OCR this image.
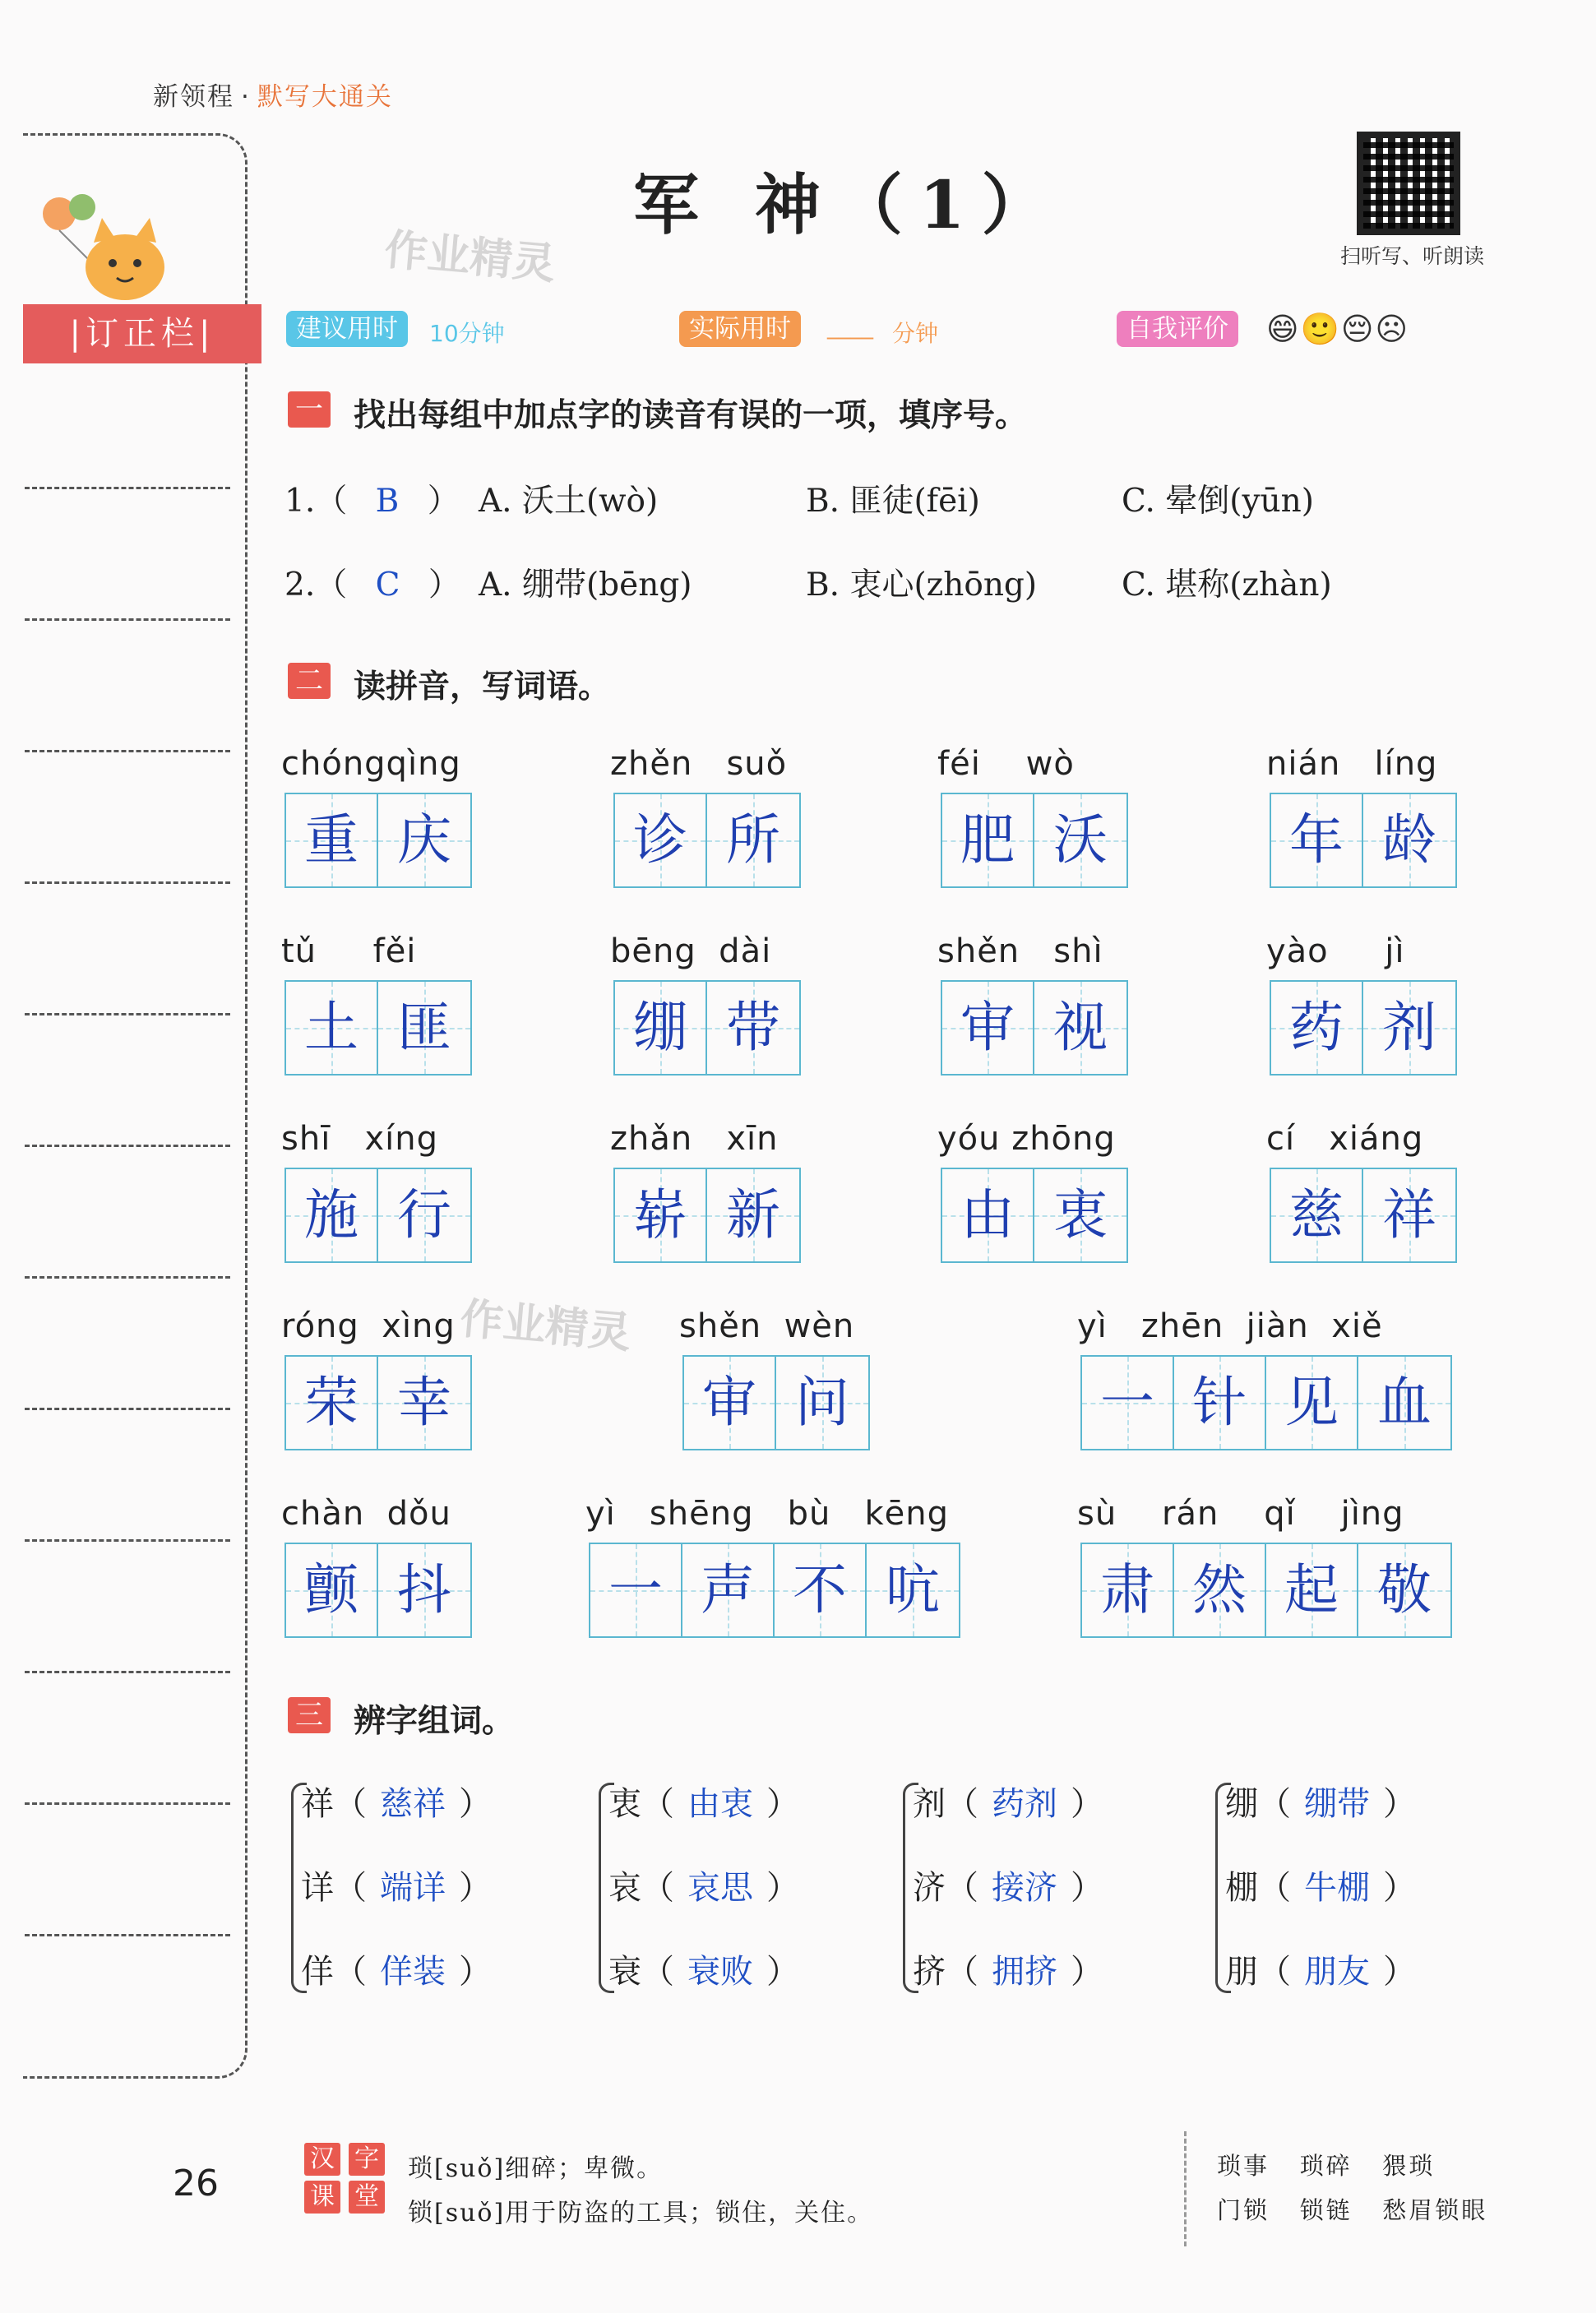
新领程 · 默写大通关
|订正栏|
作业精灵
军 神（1）
扫听写、听朗读
建议用时	10分钟	实际用时	____ 分钟	自我评价	😄🙂😔☹
一 找出每组中加点字的读音有误的一项，填序号。
1.（ B ） A. 沃土(wò)	B. 匪徒(fēi)	C. 晕倒(yūn)
2.（ C ） A. 绷带(bēng)	B. 衷心(zhōng)	C. 堪称(zhàn)
二 读拼音，写词语。
chóngqìng
重 庆
zhěn   suǒ
诊 所
féi    wò
肥 沃
nián   líng
年 龄
tǔ     fěi
土 匪
bēng  dài
绷 带
shěn   shì
审 视
yào     jì
药 剂
shī   xíng
施 行
zhǎn   xīn
崭 新
yóu zhōng
由 衷
cí   xiáng
慈 祥
róng  xìng
荣 幸
shěn  wèn
审 问
yì   zhēn  jiàn  xiě
一 针 见 血
chàn  dǒu
颤 抖
yì   shēng   bù   kēng
一 声 不 吭
sù    rán    qǐ    jìng
肃 然 起 敬
作业精灵
三 辨字组词。
祥（ 慈祥 ）
详（ 端详 ）
佯（ 佯装 ）
衷（ 由衷 ）
哀（ 哀思 ）
衰（ 衰败 ）
剂（ 药剂 ）
济（ 接济 ）
挤（ 拥挤 ）
绷（ 绷带 ）
棚（ 牛棚 ）
朋（ 朋友 ）
26
汉 字
课 堂
琐[suǒ]细碎；卑微。
锁[suǒ]用于防盗的工具；锁住，关住。
琐事   琐碎   猥琐
门锁   锁链   愁眉锁眼
